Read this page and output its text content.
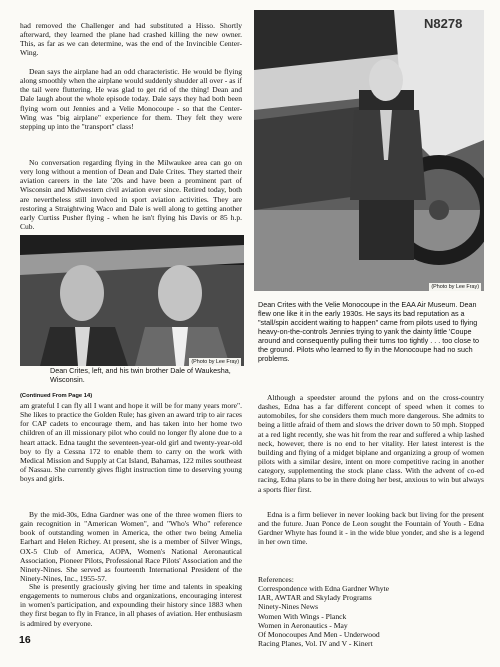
had removed the Challenger and had substituted a Hisso. Shortly afterward, they learned the plane had crashed killing the new owner. This, as far as we can determine, was the end of the Invincible Center-Wing.

Dean says the airplane had an odd characteristic. He would be flying along smoothly when the airplane would suddenly shudder all over - as if the tail were fluttering. He was glad to get rid of the thing! Dean and Dale laugh about the whole episode today. Dale says they had both been flying worn out Jennies and a Velie Monocoupe - so that the Center-Wing was "big airplane" experience for them. They felt they were stepping up into the "transport" class!

No conversation regarding flying in the Milwaukee area can go on very long without a mention of Dean and Dale Crites. They started their aviation careers in the late '20s and have been a prominent part of Wisconsin and Midwestern civil aviation ever since. Retired today, both are nevertheless still involved in sport aviation activities. They are restoring a Straightwing Waco and Dale is well along to getting another early Curtiss Pusher flying - when he isn't flying his Davis or 85 h.p. Cub.

N8278
(Photo by Lee Fray)
(Photo by Lee Fray)

Dean Crites, left, and his twin brother Dale of Waukesha, Wisconsin.

Dean Crites with the Velie Monocoupe in the EAA Air Museum. Dean flew one like it in the early 1930s. He says its bad reputation as a "stall/spin accident waiting to happen" came from pilots used to flying heavy-on-the-controls Jennies trying to yank the dainty little 'Coupe around and consequently pulling their turns too tightly . . . too close to the ground. Pilots who learned to fly in the Monocoupe had no such problems.

(Continued From Page 14)

am grateful I can fly all I want and hope it will be for many years more". She likes to practice the Golden Rule; has given an award trip to air races for CAP cadets to encourage them, and has taken into her home two children of an ill missionary pilot who could no longer fly alone due to a heart attack. Edna taught the seventeen-year-old girl and twenty-year-old boy to fly a Cessna 172 to enable them to carry on the work with Medical Mission and Supply at Cat Island, Bahamas, 122 miles southeast of Nassau. She currently gives flight instruction time to deserving young boys and girls.

By the mid-30s, Edna Gardner was one of the three women fliers to gain recognition in "American Women", and "Who's Who" reference book of outstanding women in America, the other two being Amelia Earhart and Helen Richey. At present, she is a member of Silver Wings, OX-5 Club of America, AOPA, Women's National Aeronautical Association, Pioneer Pilots, Professional Race Pilots' Association and the Ninety-Nines. She served as fourteenth International President of the Ninety-Nines, Inc., 1955-57.

She is presently graciously giving her time and talents in speaking engagements to numerous clubs and organizations, encouraging interest in women's participation, and expounding their history since 1883 when they first began to fly in France, in all phases of aviation. Her enthusiasm is admired by everyone.

Although a speedster around the pylons and on the cross-country dashes, Edna has a far different concept of speed when it comes to automobiles, for she considers them much more dangerous. She admits to being a little afraid of them and slows the driver down to 50 mph. Stopped at a red light recently, she was hit from the rear and suffered a whip lashed neck, however, there is no end to her vitality. Her latest interest is the building and flying of a midget biplane and organizing a group of women pilots with a similar desire, intent on more competitive racing in another category, supplementing the stock plane class. With the advent of co-ed racing, Edna plans to be in there doing her best, anxious to win but always a sports flier first.

Edna is a firm believer in never looking back but living for the present and the future. Juan Ponce de Leon sought the Fountain of Youth - Edna Gardner Whyte has found it - in the wide blue yonder, and she is a legend in her own time.

References:
Correspondence with Edna Gardner Whyte
IAR, AWTAR and Skylady Programs
Ninety-Nines News
Women With Wings - Planck
Women in Aeronautics - May
Of Monocoupes And Men - Underwood
Racing Planes, Vol. IV and V - Kinert
16
